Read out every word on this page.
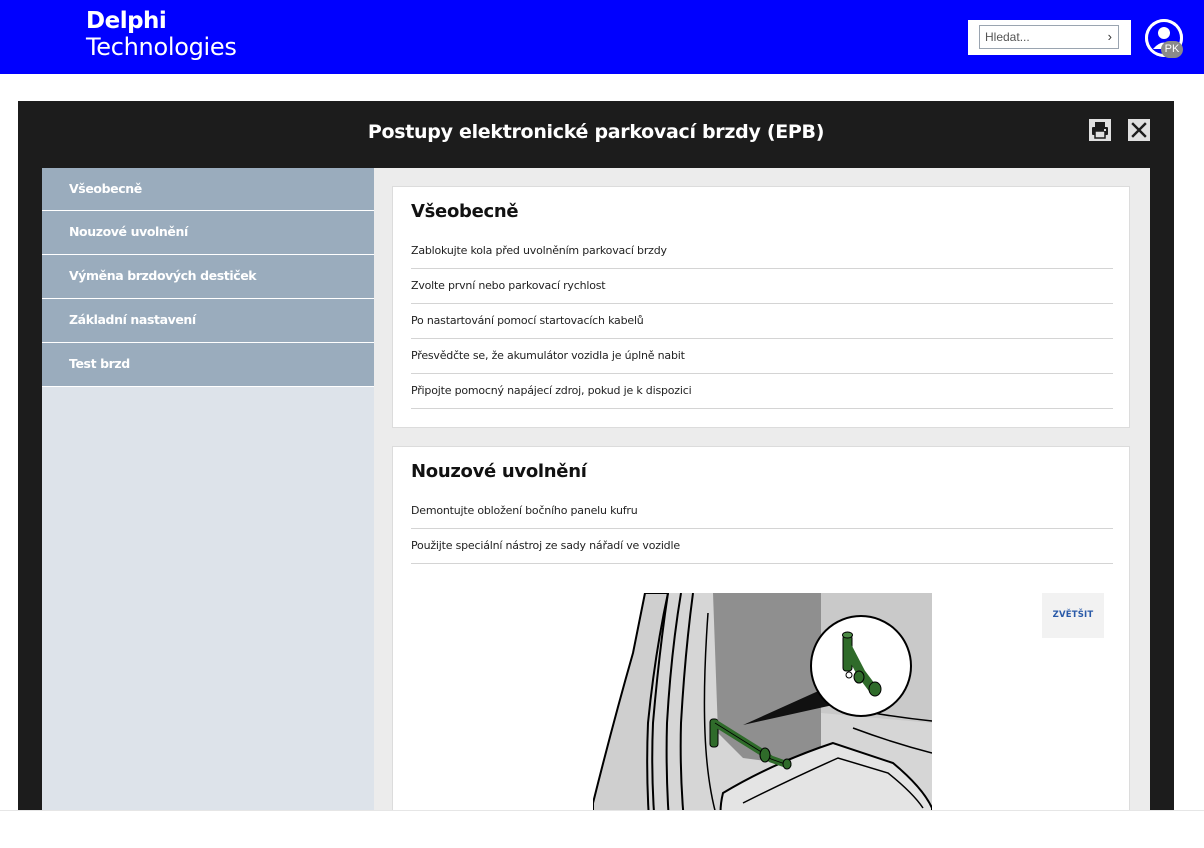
Delphi
Technologies
Hledat...	›
PK
Postupy elektronické parkovací brzdy (EPB)
Všeobecně
Nouzové uvolnění
Výměna brzdových destiček
Základní nastavení
Test brzd
Všeobecně
Zablokujte kola před uvolněním parkovací brzdy
Zvolte první nebo parkovací rychlost
Po nastartování pomocí startovacích kabelů
Přesvědčte se, že akumulátor vozidla je úplně nabit
Připojte pomocný napájecí zdroj, pokud je k dispozici
Nouzové uvolnění
Demontujte obložení bočního panelu kufru
Použijte speciální nástroj ze sady nářadí ve vozidle
ZVĚTŠIT
